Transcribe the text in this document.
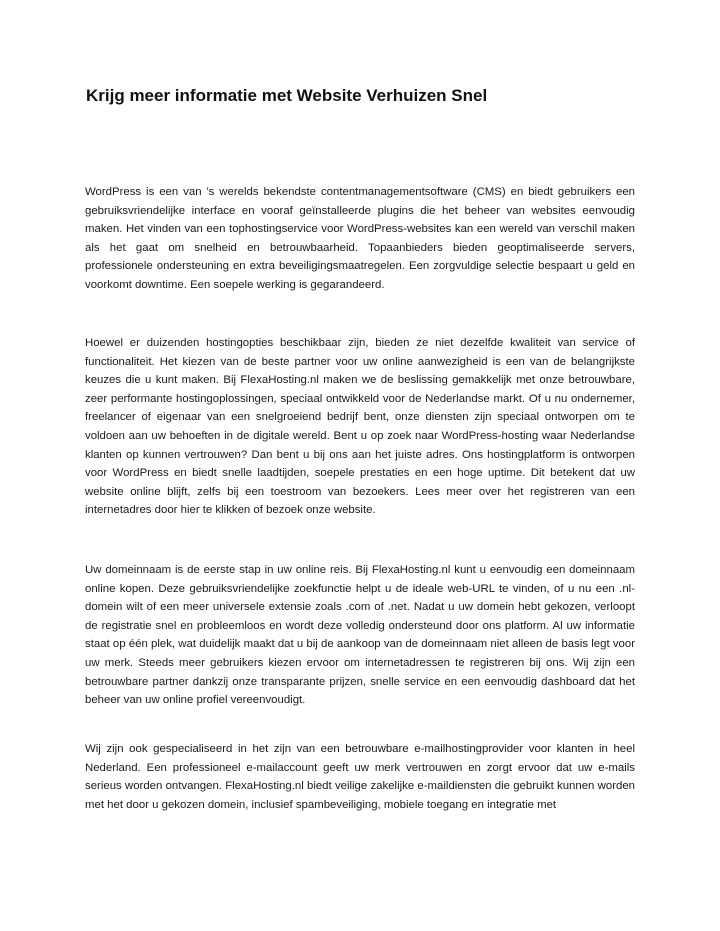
Krijg meer informatie met Website Verhuizen Snel

WordPress is een van 's werelds bekendste contentmanagementsoftware (CMS) en biedt gebruikers een gebruiksvriendelijke interface en vooraf geïnstalleerde plugins die het beheer van websites eenvoudig maken. Het vinden van een tophostingservice voor WordPress-websites kan een wereld van verschil maken als het gaat om snelheid en betrouwbaarheid. Topaanbieders bieden geoptimaliseerde servers, professionele ondersteuning en extra beveiligingsmaatregelen. Een zorgvuldige selectie bespaart u geld en voorkomt downtime. Een soepele werking is gegarandeerd.

Hoewel er duizenden hostingopties beschikbaar zijn, bieden ze niet dezelfde kwaliteit van service of functionaliteit. Het kiezen van de beste partner voor uw online aanwezigheid is een van de belangrijkste keuzes die u kunt maken. Bij FlexaHosting.nl maken we de beslissing gemakkelijk met onze betrouwbare, zeer performante hostingoplossingen, speciaal ontwikkeld voor de Nederlandse markt. Of u nu ondernemer, freelancer of eigenaar van een snelgroeiend bedrijf bent, onze diensten zijn speciaal ontworpen om te voldoen aan uw behoeften in de digitale wereld. Bent u op zoek naar WordPress-hosting waar Nederlandse klanten op kunnen vertrouwen? Dan bent u bij ons aan het juiste adres. Ons hostingplatform is ontworpen voor WordPress en biedt snelle laadtijden, soepele prestaties en een hoge uptime. Dit betekent dat uw website online blijft, zelfs bij een toestroom van bezoekers. Lees meer over het registreren van een internetadres door hier te klikken of bezoek onze website.

Uw domeinnaam is de eerste stap in uw online reis. Bij FlexaHosting.nl kunt u eenvoudig een domeinnaam online kopen. Deze gebruiksvriendelijke zoekfunctie helpt u de ideale web-URL te vinden, of u nu een .nl-domein wilt of een meer universele extensie zoals .com of .net. Nadat u uw domein hebt gekozen, verloopt de registratie snel en probleemloos en wordt deze volledig ondersteund door ons platform. Al uw informatie staat op één plek, wat duidelijk maakt dat u bij de aankoop van de domeinnaam niet alleen de basis legt voor uw merk. Steeds meer gebruikers kiezen ervoor om internetadressen te registreren bij ons. Wij zijn een betrouwbare partner dankzij onze transparante prijzen, snelle service en een eenvoudig dashboard dat het beheer van uw online profiel vereenvoudigt.

Wij zijn ook gespecialiseerd in het zijn van een betrouwbare e-mailhostingprovider voor klanten in heel Nederland. Een professioneel e-mailaccount geeft uw merk vertrouwen en zorgt ervoor dat uw e-mails serieus worden ontvangen. FlexaHosting.nl biedt veilige zakelijke e-maildiensten die gebruikt kunnen worden met het door u gekozen domein, inclusief spambeveiliging, mobiele toegang en integratie met
